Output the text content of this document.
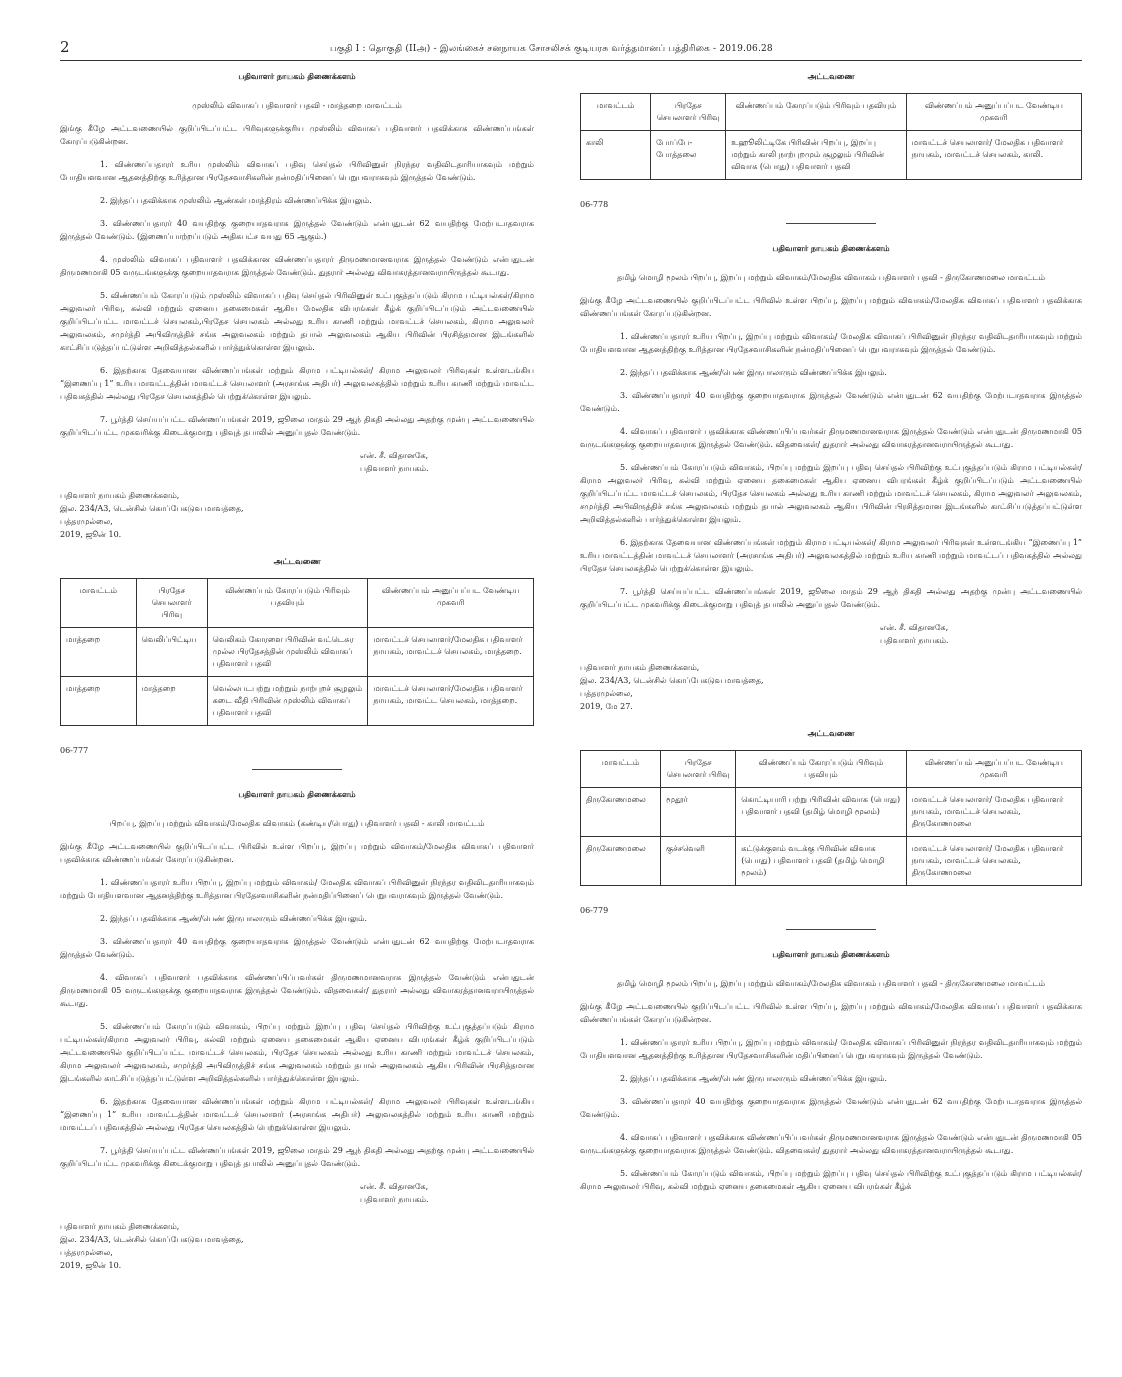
2	பகுதி I : தொகுதி (IIஅ) - இலங்கைச் சனநாயக சோசலிசக் குடியரசு வர்த்தமானப் பத்திரிகை - 2019.06.28
பதிவாளர் நாயகம் திணைக்களம்
முஸ்லிம் விவாகப் பதிவாளர் பதவி - மாத்தறை மாவட்டம்

இங்கு கீழே அட்டவணையில் குறிப்பிடப்பட்ட பிரிவுகளுக்குரிய முஸ்லிம் விவாகப் பதிவாளர் பதவிக்காக விண்ணப்பங்கள் கோரப்படுகின்றன.

1. விண்ணப்பதாரர் உரிய முஸ்லிம் விவாகப் பதிவு செய்தல் பிரிவினுள் நிரந்தர வதிவிடதாரியாகவும் மற்றும் போதியளவான ஆதனத்திற்கு உரித்தான பிரதேசவாசிகளின் நன்மதிப்பினைப் பெறுபவராகவும் இருத்தல் வேண்டும்.

2. இந்தப் பதவிக்காக முஸ்லிம் ஆண்கள் மாத்திரம் விண்ணப்பிக்க இயலும்.

3. விண்ணப்பதாரர் 40 வயதிற்கு குறையாதவராக இருத்தல் வேண்டும் என்பதுடன் 62 வயதிற்கு மேற்படாதவராக இருத்தல் வேண்டும். (இணைப்பாற்றப்படும் அதிகபட்ச வயது 65 ஆகும்.)

4. முஸ்லிம் விவாகப் பதிவாளர் பதவிக்கான விண்ணப்பதாரர் திருமணமானவராக இருத்தல் வேண்டும் என்பதுடன் திருமணமாகி 05 வருடங்களுக்கு குறையாதவராக இருத்தல் வேண்டும். துதரார் அல்லது விவாகரத்தானவராயிருத்தல் கூடாது.

5. விண்ணப்பம் கோரப்படும் முஸ்லிம் விவாகப் பதிவு செய்தல் பிரிவினுள் உட்புகுத்தப்படும் கிராம பட்டியல்கள்/கிராம அலுவலர் பிரிவு, கல்வி மற்றும் ஏனைய தகைமைகள் ஆகிய மேலதிக விபரங்கள் கீழ்க் குறிப்பிடப்படும் அட்டவணையில் குறிப்பிடப்பட்ட மாவட்டச் செயலகம்,பிரதேச செயலகம் அல்லது உரிய காணி மற்றும் மாவட்டச் செயலகம், கிராம அலுவலர் அலுவலகம், சமுர்த்தி அபிவிருத்திச் சங்க அலுவலகம் மற்றும் தபால் அலுவலகம் ஆகிய பிரிவின் பிரசித்தமான இடங்களில் காட்சிப்படுத்தப்பட்டுள்ள அறிவித்தல்களில் பார்த்துக்கொள்ள இயலும்.

6. இதற்காக தேவையான விண்ணப்பங்கள் மற்றும் கிராம பட்டியல்கள்/ கிராம அலுவலர் பிரிவுகள் உள்ளடங்கிய “இணைப்பு 1” உரிய மாவட்டத்தின் மாவட்டச் செயலாளர் (அரசாங்க அதிபர்) அலுவலகத்தில் மற்றும் உரிய காணி மற்றும் மாவட்ட பதிவகத்தில் அல்லது பிரதேச செயலகத்தில் பெற்றுக்கொள்ள இயலும்.

7. பூர்த்தி செய்யப்பட்ட விண்ணப்பங்கள் 2019, ஜூலை மாதம் 29 ஆந் திகதி அல்லது அதற்கு முன்பு அட்டவணையில் குறிப்பிடப்பட்ட முகவரிக்கு கிடைக்குமாறு பதிவுத் தபாலில் அனுப்புதல் வேண்டும்.

என். சீ. விதானகே,
பதிவாளர் நாயகம்.
பதிவாளர் நாயகம் திணைக்களம்,
இல. 234/A3, டென்சில் கொப்பேகடுவ மாவத்தை,
பத்தரமுல்லை,
2019, ஜூன் 10.
அட்டவணை
மாவட்டம்	பிரதேச செயலாளர் பிரிவு	விண்ணப்பம் கோரப்படும் பிரிவும் பதவியும்	விண்ணப்பம் அனுப்பப்பட வேண்டிய முகவரி
மாத்தறை	வெலிப்பிட்டிய	வெலிகம் கோரளை பிரிவின் வட்டெசுர முல்ல பிரதேசத்தின் முஸ்லிம் விவாகப் பதிவாளர் பதவி	மாவட்டச் செயலாளர்/மேலதிக பதிவாளர் நாயகம், மாவட்டச் செயலகம், மாத்தறை.
மாத்தறை	மாத்தறை	வெல்லபடபற்று மற்றும் நாற்புறச் சூழலும் கடை வீதி பிரிவின் முஸ்லிம் விவாகப் பதிவாளர் பதவி	மாவட்டச் செயலாளர்/மேலதிக பதிவாளர் நாயகம், மாவட்ட செயலகம், மாத்தறை.
06-777
பதிவாளர் நாயகம் திணைக்களம்
பிறப்பு, இறப்பு மற்றும் விவாகம்/மேலதிக விவாகம் (கண்டிய/பொது) பதிவாளர் பதவி - காலி மாவட்டம்

இங்கு கீழே அட்டவணையில் குறிப்பிடப்பட்ட பிரிவில் உள்ள பிறப்பு, இறப்பு மற்றும் விவாகம்/மேலதிக விவாகப் பதிவாளர் பதவிக்காக விண்ணப்பங்கள் கோரப்படுகின்றன.

1. விண்ணப்பதாரர் உரிய பிறப்பு, இறப்பு மற்றும் விவாகம்/ மேலதிக விவாகப் பிரிவினுள் நிரந்தர வதிவிடதாரியாகவும் மற்றும் போதியளவான ஆதனத்திற்கு உரித்தான பிரதேசவாசிகளின் நன்மதிப்பினைப் பெறுபவராகவும் இருத்தல் வேண்டும்.

2. இந்தப் பதவிக்காக ஆண்/பெண் இருபாலாரும் விண்ணப்பிக்க இயலும்.

3. விண்ணப்பதாரர் 40 வயதிற்கு குறையாதவராக இருத்தல் வேண்டும் என்பதுடன் 62 வயதிற்கு மேற்படாதவராக இருத்தல் வேண்டும்.

4. விவாகப் பதிவாளர் பதவிக்காக விண்ணப்பிப்பவர்கள் திருமணமானவராக இருத்தல் வேண்டும் என்பதுடன் திருமணமாகி 05 வருடங்களுக்கு குறையாதவராக இருத்தல் வேண்டும். விதவைகள்/ துதரார் அல்லது விவாகரத்தானவராயிருத்தல் கூடாது.

5. விண்ணப்பம் கோரப்படும் விவாகம், பிறப்பு மற்றும் இறப்பு பதிவு செய்தல் பிரிவிற்கு உட்புகுத்தப்படும் கிராம பட்டியல்கள்/கிராம அலுவலர் பிரிவு, கல்வி மற்றும் ஏனைய தகைமைகள் ஆகிய ஏனைய விபரங்கள் கீழ்க் குறிப்பிடப்படும் அட்டவணையில் குறிப்பிடப்பட்ட மாவட்டச் செயலகம், பிரதேச செயலகம் அல்லது உரிய காணி மற்றும் மாவட்டச் செயலகம், கிராம அலுவலர் அலுவலகம், சமுர்த்தி அபிவிருத்திச் சங்க அலுவலகம் மற்றும் தபால் அலுவலகம் ஆகிய பிரிவின் பிரசித்தமான இடங்களில் காட்சிப்படுத்தப்பட்டுள்ள அறிவித்தல்களில் பார்த்துக்கொள்ள இயலும்.

6. இதற்காக தேவையான விண்ணப்பங்கள் மற்றும் கிராம பட்டியல்கள்/ கிராம அலுவலர் பிரிவுகள் உள்ளடங்கிய “இணைப்பு 1” உரிய மாவட்டத்தின் மாவட்டச் செயலாளர் (அரசாங்க அதிபர்) அலுவலகத்தில் மற்றும் உரிய காணி மற்றும் மாவட்டப் பதிவகத்தில் அல்லது பிரதேச செயலகத்தில் பெற்றுக்கொள்ள இயலும்.

7. பூர்த்தி செய்யப்பட்ட விண்ணப்பங்கள் 2019, ஜூலை மாதம் 29 ஆந் திகதி அல்லது அதற்கு முன்பு அட்டவணையில் குறிப்பிடப்பட்ட முகவரிக்கு கிடைக்குமாறு பதிவுத் தபாலில் அனுப்புதல் வேண்டும்.

என். சீ. விதானகே,
பதிவாளர் நாயகம்.
பதிவாளர் நாயகம் திணைக்களம்,
இல. 234/A3, டென்சில் கொப்பேகடுவ மாவத்தை,
பத்தரமுல்லை,
2019, ஜூன் 10.
அட்டவணை
மாவட்டம்	பிரதேச செயலாளர் பிரிவு	விண்ணப்பம் கோரப்படும் பிரிவும் பதவியும்	விண்ணப்பம் அனுப்பப்பட வேண்டிய முகவரி
காலி	போப்பே-போத்தலை	உஹூலிட்டிகே பிரிவின் பிறப்பு, இறப்பு மற்றும் காலி நாற்புறமும் சூழலும் பிரிவின் விவாக (பொது) பதிவாளர் பதவி	மாவட்டச் செயலாளர்/ மேலதிக பதிவாளர் நாயகம், மாவட்டச் செயலகம், காலி.
06-778
பதிவாளர் நாயகம் திணைக்களம்
தமிழ் மொழி மூலம் பிறப்பு, இறப்பு மற்றும் விவாகம்/மேலதிக விவாகம் பதிவாளர் பதவி - திருகோணமலை மாவட்டம்

இங்கு கீழே அட்டவணையில் குறிப்பிடப்பட்ட பிரிவில் உள்ள பிறப்பு, இறப்பு மற்றும் விவாகம்/மேலதிக விவாகப் பதிவாளர் பதவிக்காக விண்ணப்பங்கள் கோரப்படுகின்றன.

1. விண்ணப்பதாரர் உரிய பிறப்பு, இறப்பு மற்றும் விவாகம்/ மேலதிக விவாகப் பிரிவினுள் நிரந்தர வதிவிடதாரியாகவும் மற்றும் போதியளவான ஆதனத்திற்கு உரித்தான பிரதேசவாசிகளின் நன்மதிப்பினைப் பெறுபவராகவும் இருத்தல் வேண்டும்.

2. இந்தப் பதவிக்காக ஆண்/பெண் இருபாலாரும் விண்ணப்பிக்க இயலும்.

3. விண்ணப்பதாரர் 40 வயதிற்கு குறையாதவராக இருத்தல் வேண்டும் என்பதுடன் 62 வயதிற்கு மேற்படாதவராக இருத்தல் வேண்டும்.

4. விவாகப் பதிவாளர் பதவிக்காக விண்ணப்பிப்பவர்கள் திருமணமானவராக இருத்தல் வேண்டும் என்பதுடன் திருமணமாகி 05 வருடங்களுக்கு குறையாதவராக இருத்தல் வேண்டும். விதவைகள்/ துதரார் அல்லது விவாகரத்தானவராயிருத்தல் கூடாது.

5. விண்ணப்பம் கோரப்படும் விவாகம், பிறப்பு மற்றும் இறப்பு பதிவு செய்தல் பிரிவிற்கு உட்புகுத்தப்படும் கிராம பட்டியல்கள்/கிராம அலுவலர் பிரிவு, கல்வி மற்றும் ஏனைய தகைமைகள் ஆகிய ஏனைய விபரங்கள் கீழ்க் குறிப்பிடப்படும் அட்டவணையில் குறிப்பிடப்பட்ட மாவட்டச் செயலகம், பிரதேச செயலகம் அல்லது உரிய காணி மற்றும் மாவட்டச் செயலகம், கிராம அலுவலர் அலுவலகம், சமுர்த்தி அபிவிருத்திச் சங்க அலுவலகம் மற்றும் தபால் அலுவலகம் ஆகிய பிரிவின் பிரசித்தமான இடங்களில் காட்சிப்படுத்தப்பட்டுள்ள அறிவித்தல்களில் பார்த்துக்கொள்ள இயலும்.

6. இதற்காக தேவையான விண்ணப்பங்கள் மற்றும் கிராம பட்டியல்கள்/ கிராம அலுவலர் பிரிவுகள் உள்ளடங்கிய “இணைப்பு 1” உரிய மாவட்டத்தின் மாவட்டச் செயலாளர் (அரசாங்க அதிபர்) அலுவலகத்தில் மற்றும் உரிய காணி மற்றும் மாவட்டப் பதிவகத்தில் அல்லது பிரதேச செயலகத்தில் பெற்றுக்கொள்ள இயலும்.

7. பூர்த்தி செய்யப்பட்ட விண்ணப்பங்கள் 2019, ஜூலை மாதம் 29 ஆந் திகதி அல்லது அதற்கு முன்பு அட்டவணையில் குறிப்பிடப்பட்ட முகவரிக்கு கிடைக்குமாறு பதிவுத் தபாலில் அனுப்புதல் வேண்டும்.

என். சீ. விதானகே,
பதிவாளர் நாயகம்.
பதிவாளர் நாயகம் திணைக்களம்,
இல. 234/A3, டென்சில் கொப்பேகடுவ மாவத்தை,
பத்தரமுல்லை,
2019, மே 27.
அட்டவணை
மாவட்டம்	பிரதேச செயலாளர் பிரிவு	விண்ணப்பம் கோரப்படும் பிரிவும் பதவியும்	விண்ணப்பம் அனுப்பப்பட வேண்டிய முகவரி
திருகோணமலை	மூதூர்	கொட்டியாரி பற்று பிரிவின் விவாக (பொது) பதிவாளர் பதவி (தமிழ் மொழி மூலம்)	மாவட்டச் செயலாளர்/ மேலதிக பதிவாளர் நாயகம், மாவட்டச் செயலகம், திருகோணமலை
திருகோணமலை	குச்சவெளி	கட்டுக்குளம் வடக்கு பிரிவின் விவாக (பொது) பதிவாளர் பதவி (தமிழ் மொழி மூலம்)	மாவட்டச் செயலாளர்/ மேலதிக பதிவாளர் நாயகம், மாவட்டச் செயலகம், திருகோணமலை
06-779
பதிவாளர் நாயகம் திணைக்களம்
தமிழ் மொழி மூலம் பிறப்பு, இறப்பு மற்றும் விவாகம்/மேலதிக விவாகம் பதிவாளர் பதவி - திருகோணமலை மாவட்டம்

இங்கு கீழே அட்டவணையில் குறிப்பிடப்பட்ட பிரிவில் உள்ள பிறப்பு, இறப்பு மற்றும் விவாகம்/மேலதிக விவாகப் பதிவாளர் பதவிக்காக விண்ணப்பங்கள் கோரப்படுகின்றன.

1. விண்ணப்பதாரர் உரிய பிறப்பு, இறப்பு மற்றும் விவாகம்/ மேலதிக விவாகப் பிரிவினுள் நிரந்தர வதிவிடதாரியாகவும் மற்றும் போதியளவான ஆதனத்திற்கு உரித்தான பிரதேசவாசிகளின் மதிப்பினைப் பெறுபவராகவும் இருத்தல் வேண்டும்.

2. இந்தப் பதவிக்காக ஆண்/பெண் இருபாலாரும் விண்ணப்பிக்க இயலும்.

3. விண்ணப்பதாரர் 40 வயதிற்கு குறையாதவராக இருத்தல் வேண்டும் என்பதுடன் 62 வயதிற்கு மேற்படாதவராக இருத்தல் வேண்டும்.

4. விவாகப் பதிவாளர் பதவிக்காக விண்ணப்பிப்பவர்கள் திருமணமானவராக இருத்தல் வேண்டும் என்பதுடன் திருமணமாகி 05 வருடங்களுக்கு குறையாதவராக இருத்தல் வேண்டும். விதவைகள்/ துதரார் அல்லது விவாகரத்தானவராயிருத்தல் கூடாது.

5. விண்ணப்பம் கோரப்படும் விவாகம், பிறப்பு மற்றும் இறப்பு பதிவு செய்தல் பிரிவிற்கு உட்புகுத்தப்படும் கிராம பட்டியல்கள்/கிராம அலுவலர் பிரிவு, கல்வி மற்றும் ஏனைய தகைமைகள் ஆகிய ஏனைய விபரங்கள் கீழ்க்
